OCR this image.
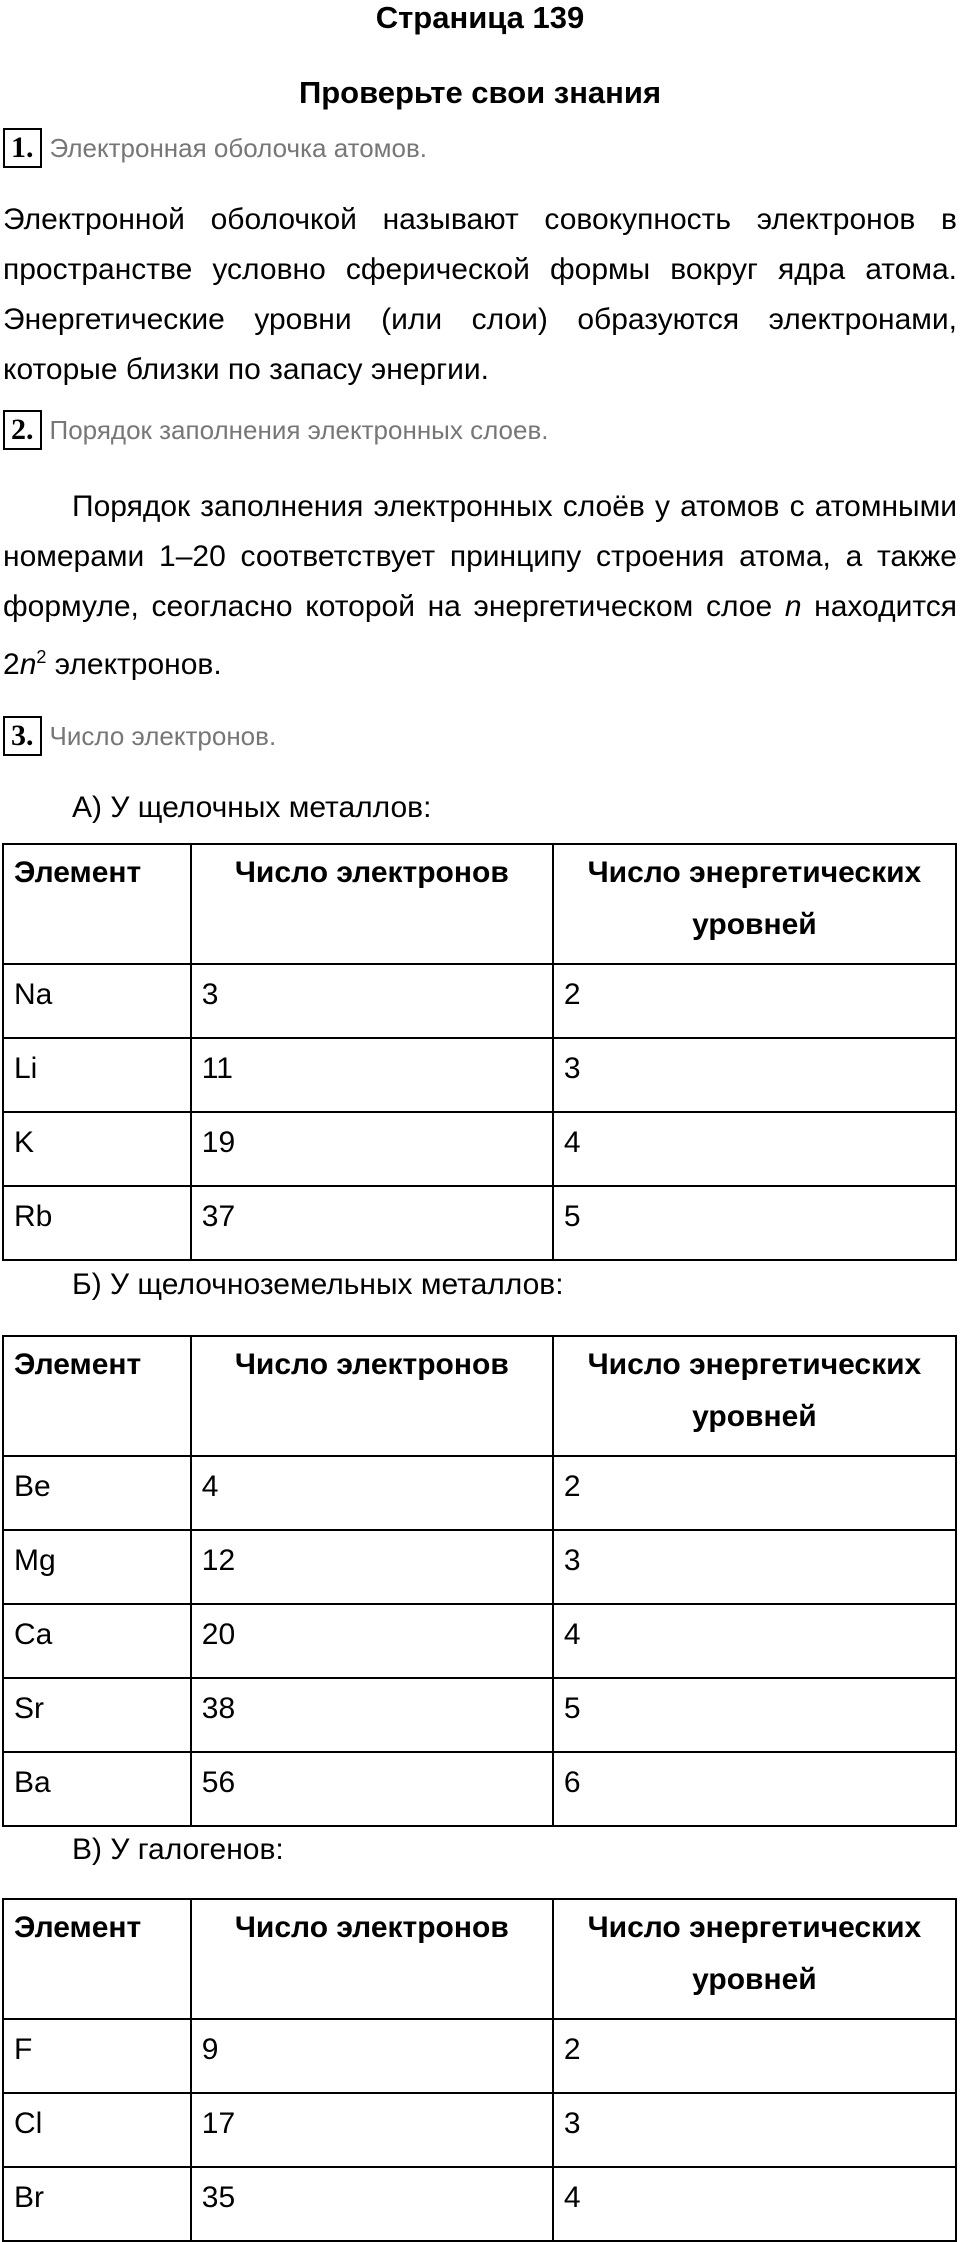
Страница 139
Проверьте свои знания
1. Электронная оболочка атомов.
Электронной оболочкой называют совокупность электронов в пространстве условно сферической формы вокруг ядра атома. Энергетические уровни (или слои) образуются электронами, которые близки по запасу энергии.
2. Порядок заполнения электронных слоев.
Порядок заполнения электронных слоёв у атомов с атомными номерами 1–20 соответствует принципу строения атома, а также формуле, сеогласно которой на энергетическом слое n находится $2n^2$ электронов.
3. Число электронов.
А) У щелочных металлов:
Элемент	Число электронов	Число энергетических уровней
Na	3	2
Li	11	3
K	19	4
Rb	37	5
Б) У щелочноземельных металлов:
Элемент	Число электронов	Число энергетических уровней
Be	4	2
Mg	12	3
Ca	20	4
Sr	38	5
Ba	56	6
В) У галогенов:
Элемент	Число электронов	Число энергетических уровней
F	9	2
Cl	17	3
Br	35	4
